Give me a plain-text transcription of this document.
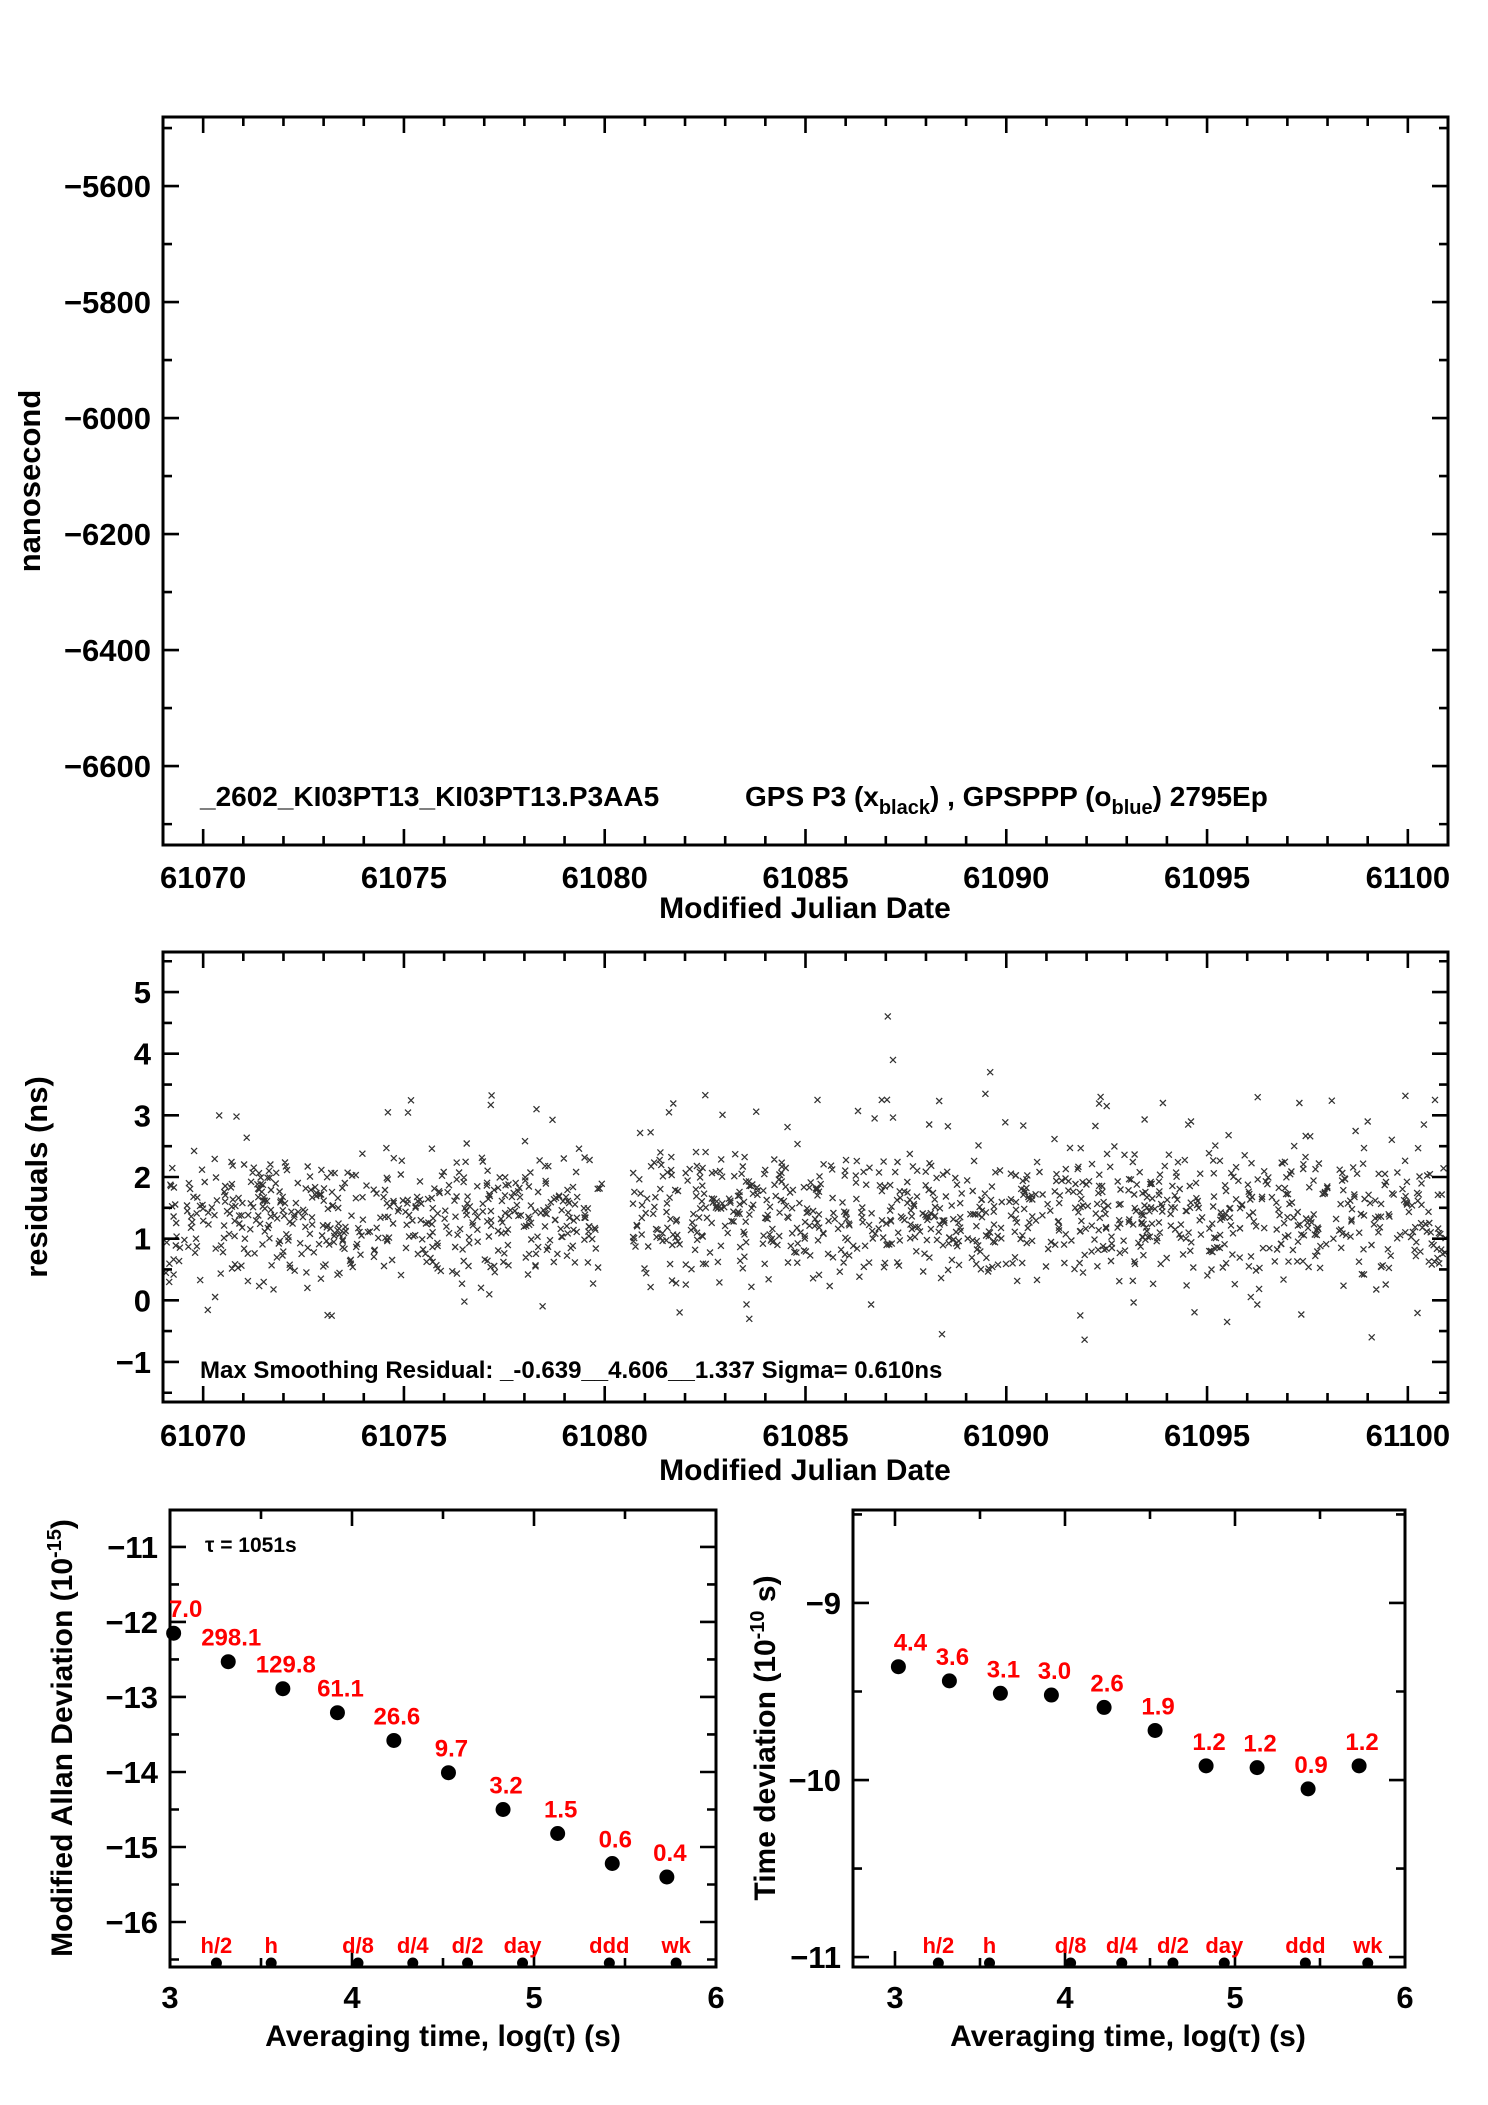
61070	61075	61080	61085	61090	61095	61100
−5600
−5800
−6000
−6200
−6400
−6600
61070	61075	61080	61085	61090	61095	61100
5
4
3
2
1
0
−1
3	4	5	6
−11
−12
−13
−14
−15
−16
h/2 h	d/8 d/4 d/2 day ddd wk
7.0
298.1
129.8
61.1
26.6
9.7
3.2
1.5
0.6
0.4
3	4	5	6
−9
−10
−11	h/2 h	d/8 d/4 d/2 day ddd wk
4.4
3.6 3.1 3.0 2.6
1.9
1.2 1.2
0.9
1.2
nanosecond
Modified Julian Date
_2602_KI03PT13_KI03PT13.P3AA5	GPS P3 $(x_{black})$ , GPSPPP $(o_{blue})$ 2795Ep
residuals (ns)
Modified Julian Date
Max Smoothing Residual: _-0.639__4.606__1.337 Sigma= 0.610ns
Modified Allan Deviation $(10^{-15})$
τ = 1051s
Averaging time, log(τ) (s)
Time deviation ($10^{-10}$ s)
Averaging time, log(τ) (s)
